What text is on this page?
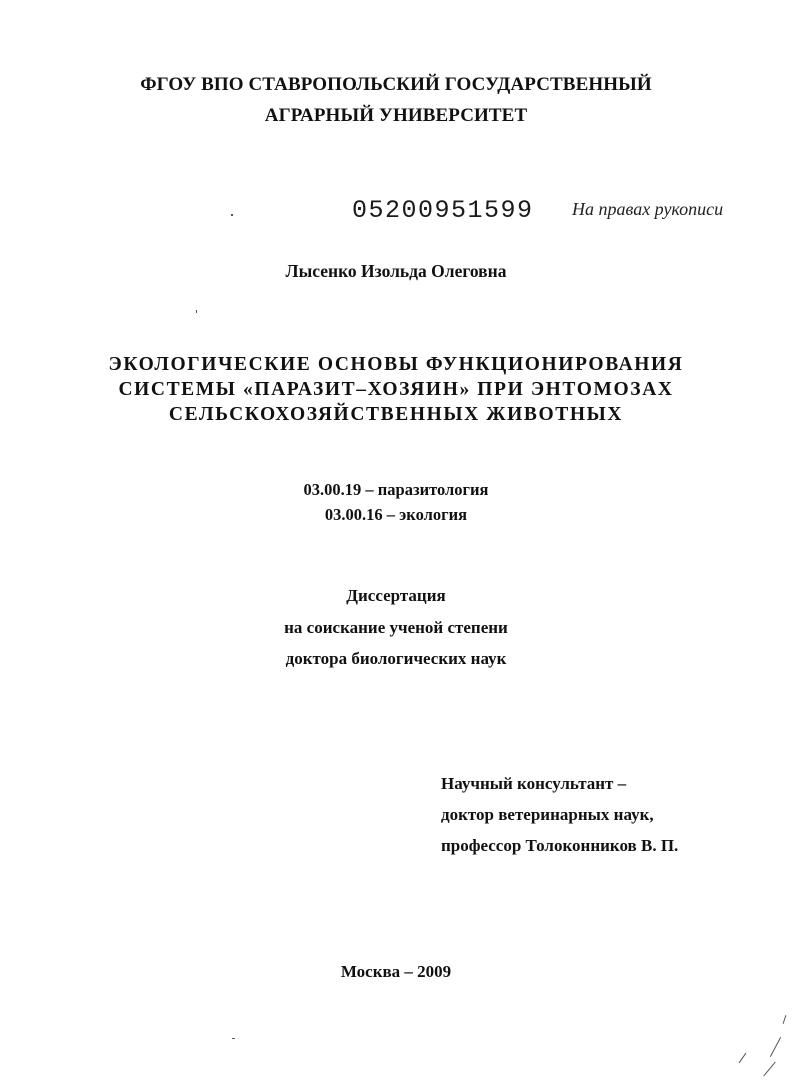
ФГОУ ВПО СТАВРОПОЛЬСКИЙ ГОСУДАРСТВЕННЫЙ

АГРАРНЫЙ УНИВЕРСИТЕТ

05200951599 На правах рукописи

Лысенко Изольда Олеговна

ЭКОЛОГИЧЕСКИЕ ОСНОВЫ ФУНКЦИОНИРОВАНИЯ

СИСТЕМЫ «ПАРАЗИТ–ХОЗЯИН» ПРИ ЭНТОМОЗАХ

СЕЛЬСКОХОЗЯЙСТВЕННЫХ ЖИВОТНЫХ

03.00.19 – паразитология

03.00.16 – экология

Диссертация

на соискание ученой степени

доктора биологических наук

Научный консультант –

доктор ветеринарных наук,

профессор Толоконников В. П.

Москва – 2009
